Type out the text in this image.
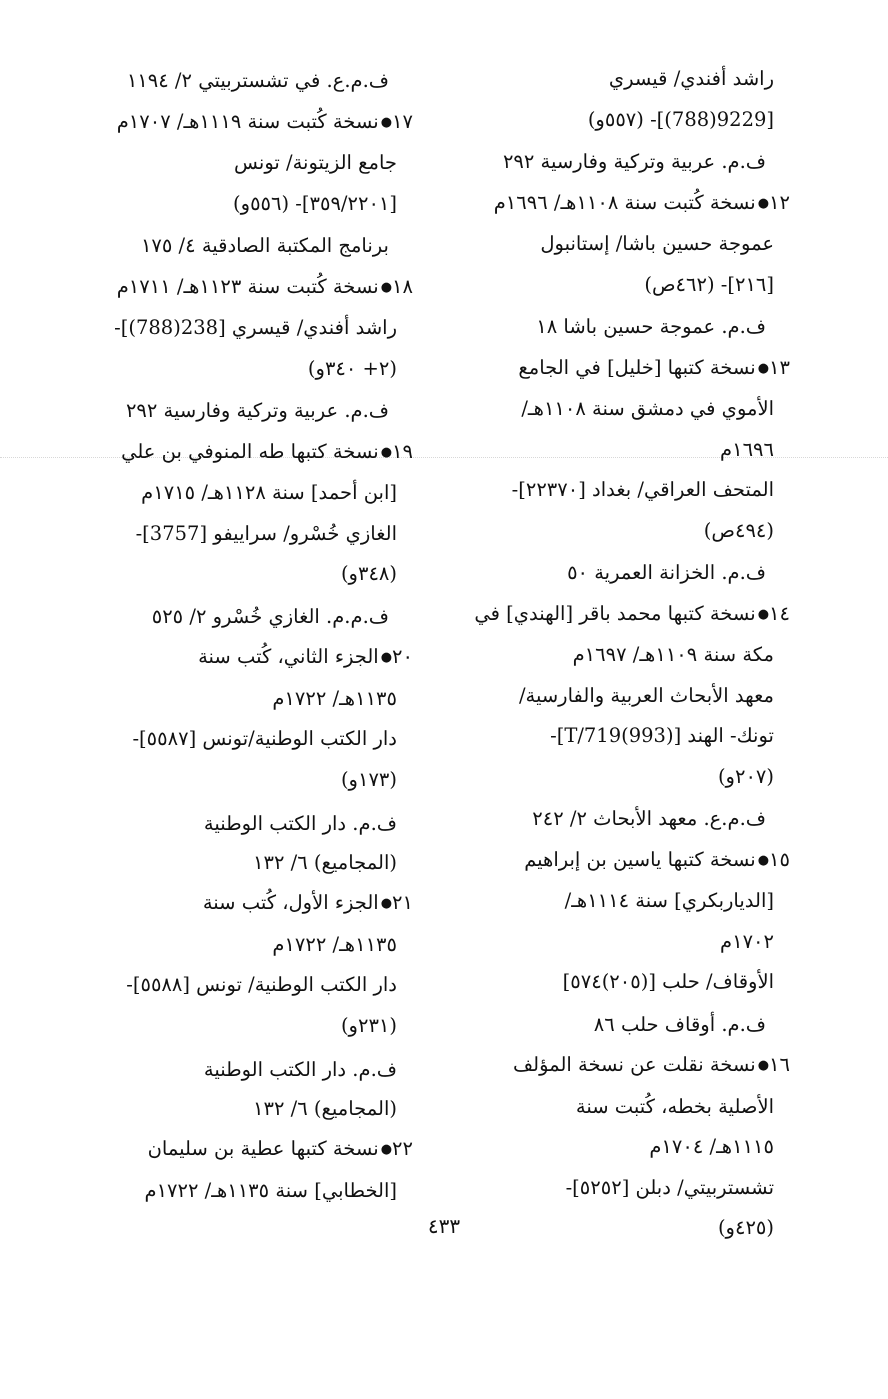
راشد أفندي/ قيسري
[9229(788)]- (٥٥٧و)
ف.م. عربية وتركية وفارسية ٢٩٢
١٢●نسخة كُتبت سنة ١١٠٨هـ/ ١٦٩٦م
عموجة حسين باشا/ إستانبول
[٢١٦]- (٤٦٢ص)
ف.م. عموجة حسين باشا ١٨
١٣●نسخة كتبها [خليل] في الجامع
الأموي في دمشق سنة ١١٠٨هـ/
١٦٩٦م
المتحف العراقي/ بغداد [٢٢٣٧٠]-
(٤٩٤ص)
ف.م. الخزانة العمرية ٥٠
١٤●نسخة كتبها محمد باقر [الهندي] في
مكة سنة ١١٠٩هـ/ ١٦٩٧م
معهد الأبحاث العربية والفارسية/
تونك- الهند [T/719(993)]-
(٢٠٧و)
ف.م.ع. معهد الأبحاث ٢/ ٢٤٢
١٥●نسخة كتبها ياسين بن إبراهيم
[الدياربكري] سنة ١١١٤هـ/
١٧٠٢م
الأوقاف/ حلب [(٢٠٥)٥٧٤]
ف.م. أوقاف حلب ٨٦
١٦●نسخة نقلت عن نسخة المؤلف
الأصلية بخطه، كُتبت سنة
١١١٥هـ/ ١٧٠٤م
تشستربيتي/ دبلن [٥٢٥٢]-
(٤٢٥و)
ف.م.ع. في تشستربيتي ٢/ ١١٩٤
١٧●نسخة كُتبت سنة ١١١٩هـ/ ١٧٠٧م
جامع الزيتونة/ تونس
[٣٥٩/٢٢٠١]- (٥٥٦و)
برنامج المكتبة الصادقية ٤/ ١٧٥
١٨●نسخة كُتبت سنة ١١٢٣هـ/ ١٧١١م
راشد أفندي/ قيسري [238(788)]-
(٢+ ٣٤٠و)
ف.م. عربية وتركية وفارسية ٢٩٢
١٩●نسخة كتبها طه المنوفي بن علي
[ابن أحمد] سنة ١١٢٨هـ/ ١٧١٥م
الغازي خُسْرو/ سراييفو [3757]-
(٣٤٨و)
ف.م.م. الغازي خُسْرو ٢/ ٥٢٥
٢٠●الجزء الثاني، كُتب سنة
١١٣٥هـ/ ١٧٢٢م
دار الكتب الوطنية/تونس [٥٥٨٧]-
(١٧٣و)
ف.م. دار الكتب الوطنية
(المجاميع) ٦/ ١٣٢
٢١●الجزء الأول، كُتب سنة
١١٣٥هـ/ ١٧٢٢م
دار الكتب الوطنية/ تونس [٥٥٨٨]-
(٢٣١و)
ف.م. دار الكتب الوطنية
(المجاميع) ٦/ ١٣٢
٢٢●نسخة كتبها عطية بن سليمان
[الخطابي] سنة ١١٣٥هـ/ ١٧٢٢م
٤٣٣
